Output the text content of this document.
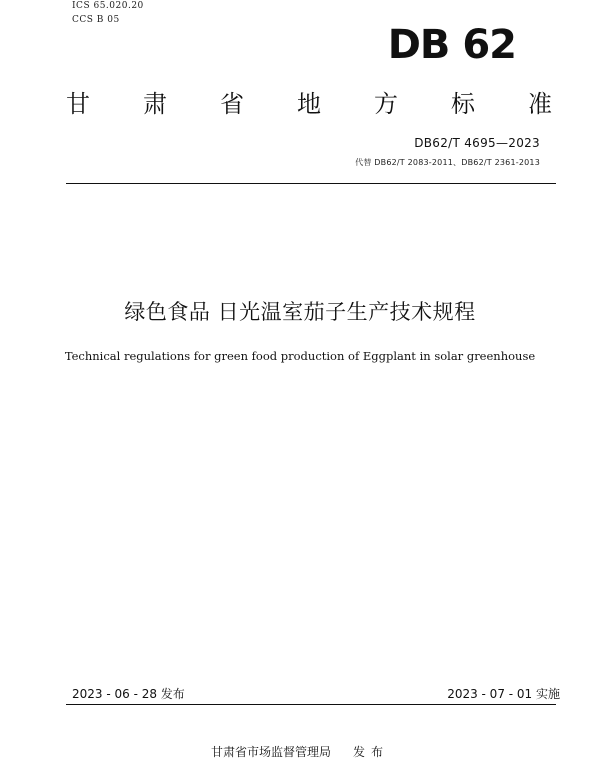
ICS 65.020.20
CCS B 05
DB 62
甘 肃 省 地 方 标 准
DB62/T 4695—2023
代替 DB62/T 2083-2011、DB62/T 2361-2013
绿色食品 日光温室茄子生产技术规程
Technical regulations for green food production of Eggplant in solar greenhouse
2023 - 06 - 28 发布	2023 - 07 - 01 实施
甘肃省市场监督管理局 发布
